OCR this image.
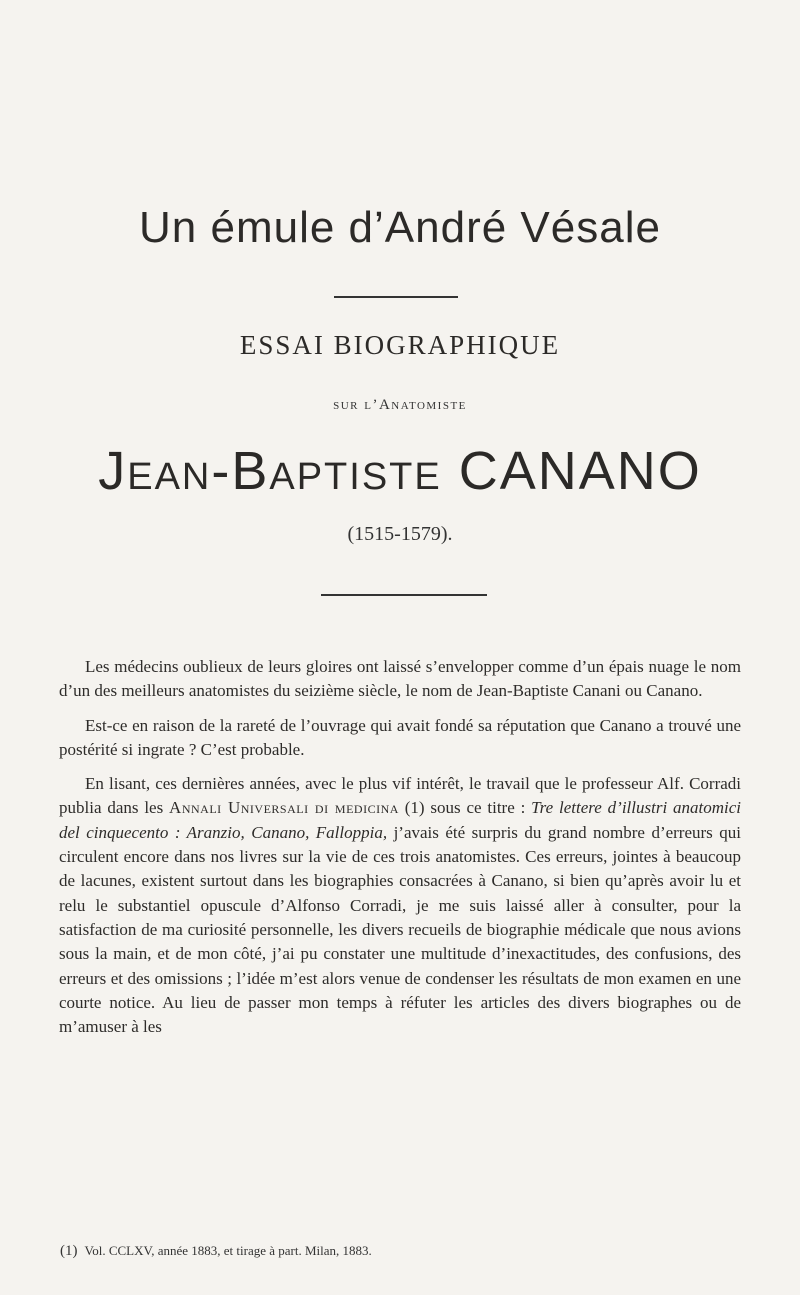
Un émule d’André Vésale
ESSAI BIOGRAPHIQUE
sur l’Anatomiste
Jean-Baptiste CANANO
(1515-1579).

Les médecins oublieux de leurs gloires ont laissé s’envelopper comme d’un épais nuage le nom d’un des meilleurs anatomistes du seizième siècle, le nom de Jean-Baptiste Canani ou Canano.

Est-ce en raison de la rareté de l’ouvrage qui avait fondé sa réputation que Canano a trouvé une postérité si ingrate ? C’est probable.

En lisant, ces dernières années, avec le plus vif intérêt, le travail que le professeur Alf. Corradi publia dans les Annali Universali di medicina (1) sous ce titre : Tre lettere d’illustri anatomici del cinquecento : Aranzio, Canano, Falloppia, j’avais été surpris du grand nombre d’erreurs qui circulent encore dans nos livres sur la vie de ces trois anatomistes. Ces erreurs, jointes à beaucoup de lacunes, existent surtout dans les biographies consacrées à Canano, si bien qu’après avoir lu et relu le substantiel opuscule d’Alfonso Corradi, je me suis laissé aller à consulter, pour la satisfaction de ma curiosité personnelle, les divers recueils de biographie médicale que nous avions sous la main, et de mon côté, j’ai pu constater une multitude d’inexactitudes, des confusions, des erreurs et des omissions ; l’idée m’est alors venue de condenser les résultats de mon examen en une courte notice. Au lieu de passer mon temps à réfuter les articles des divers biographes ou de m’amuser à les

(1) Vol. CCLXV, année 1883, et tirage à part. Milan, 1883.
